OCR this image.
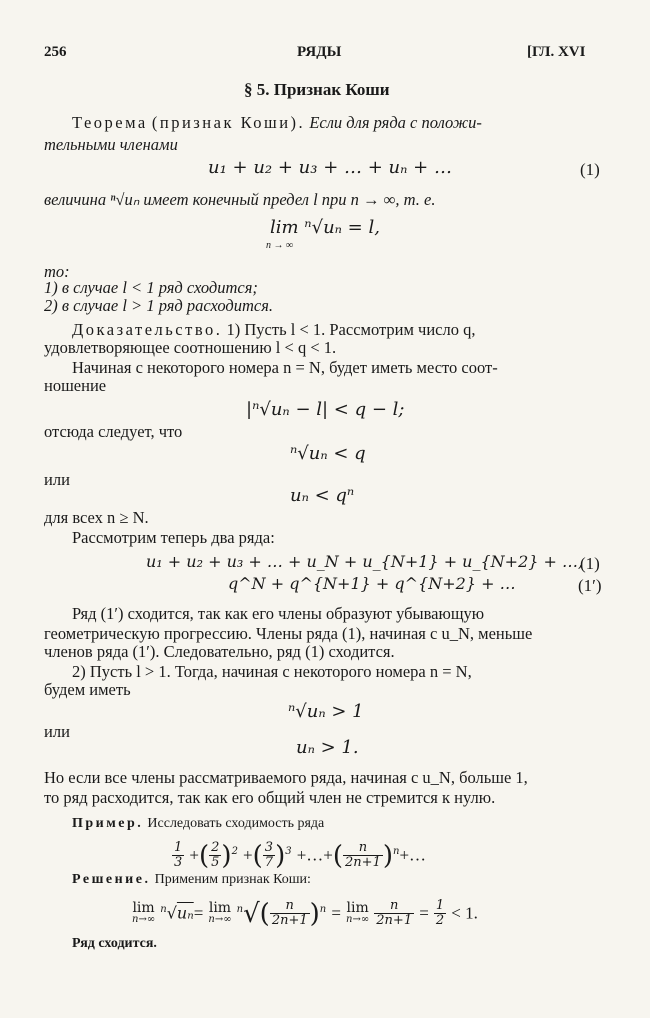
256	РЯДЫ	[ГЛ. XVI
§ 5. Признак Коши
Теорема (признак Коши). Если для ряда с положи-
тельными членами
u₁ + u₂ + u₃ + … + uₙ + …	(1)
величина ⁿ√uₙ имеет конечный предел l при n → ∞, т. е.
lim ⁿ√uₙ = l,
n → ∞
то:
1) в случае l < 1 ряд сходится;
2) в случае l > 1 ряд расходится.
Доказательство. 1) Пусть l < 1. Рассмотрим число q,
удовлетворяющее соотношению l < q < 1.
Начиная с некоторого номера n = N, будет иметь место соот-
ношение
|ⁿ√uₙ − l| < q − l;
отсюда следует, что
ⁿ√uₙ < q
или
uₙ < qⁿ
для всех n ≥ N.
Рассмотрим теперь два ряда:
u₁ + u₂ + u₃ + … + u_N + u_{N+1} + u_{N+2} + …,
(1)
q^N + q^{N+1} + q^{N+2} + …	(1′)
Ряд (1′) сходится, так как его члены образуют убывающую
геометрическую прогрессию. Члены ряда (1), начиная с u_N, меньше
членов ряда (1′). Следовательно, ряд (1) сходится.
2) Пусть l > 1. Тогда, начиная с некоторого номера n = N,
будем иметь
ⁿ√uₙ > 1
или
uₙ > 1.
Но если все члены рассматриваемого ряда, начиная с u_N, больше 1,
то ряд расходится, так как его общий член не стремится к нулю.
Пример. Исследовать сходимость ряда
$\frac{1}{3}$ +( $\frac{2}{5} )^2$ +( $\frac{3}{7} )^3$ +…+( $\frac{n}{2n+1}$ )$^n$+…
Решение. Применим признак Коши:
lim
n→∞
$^n$√uₙ= lim
n→∞
$^n√( \frac{n}{2n+1} )^n = \lim$
n→∞
$\frac{n}{2n+1} = \frac{1}{2} < 1$.
Ряд сходится.
